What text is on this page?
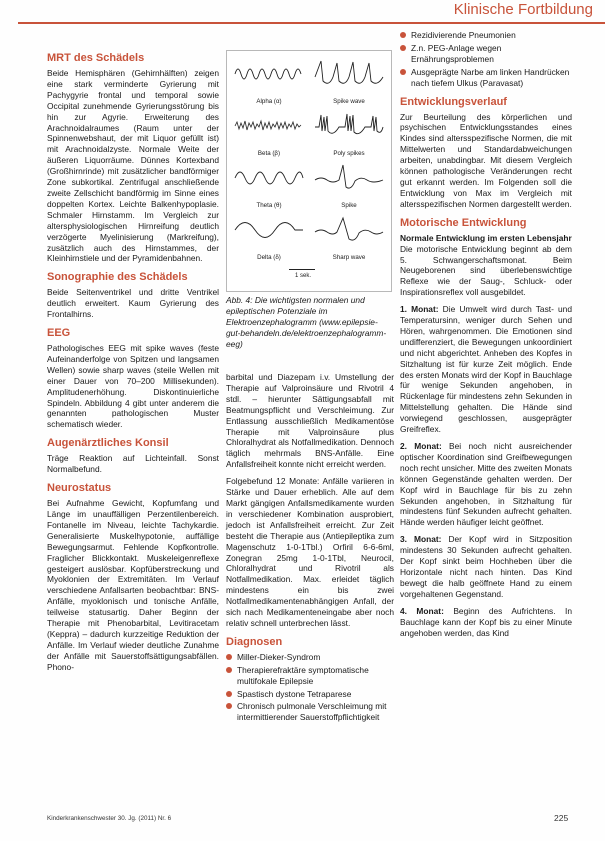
Klinische Fortbildung
MRT des Schädels

Beide Hemisphären (Gehirnhälften) zeigen eine stark verminderte Gyrierung mit Pachygyrie frontal und temporal sowie Occipital zunehmende Gyrierungsstörung bis hin zur Agyrie. Erweiterung des Arachnoidalraumes (Raum unter der Spinnenwebshaut, der mit Liquor gefüllt ist) mit Arachnoidalzyste. Normale Weite der äußeren Liquorräume. Dünnes Kortexband (Großhirnrinde) mit zusätzlicher bandförmiger Zone subkortikal. Zentrifugal anschließende zweite Zellschicht bandförmig im Sinne eines doppelten Kortex. Leichte Balkenhypoplasie. Schmaler Hirnstamm. Im Vergleich zur altersphysiologischen Hirnreifung deutlich verzögerte Myelinisierung (Markreifung), zusätzlich auch des Hirnstammes, der Kleinhirnstiele und der Pyramidenbahnen.

Sonographie des Schädels

Beide Seitenventrikel und dritte Ventrikel deutlich erweitert. Kaum Gyrierung des Frontalhirns.

EEG

Pathologisches EEG mit spike waves (feste Aufeinanderfolge von Spitzen und langsamen Wellen) sowie sharp waves (steile Wellen mit einer Dauer von 70–200 Millisekunden). Amplitudenerhöhung. Diskontinuierliche Spindeln. Abbildung 4 gibt unter anderem die genannten pathologischen Muster schematisch wieder.

Augenärztliches Konsil

Träge Reaktion auf Lichteinfall. Sonst Normalbefund.

Neurostatus

Bei Aufnahme Gewicht, Kopfumfang und Länge im unauffälligen Perzentilenbereich. Fontanelle im Niveau, leichte Tachykardie. Generalisierte Muskelhypotonie, auffällige Bewegungsarmut. Fehlende Kopfkontrolle. Fraglicher Blickkontakt. Muskeleigenreflexe gesteigert auslösbar. Kopfüberstreckung und Myoklonien der Extremitäten. Im Verlauf verschiedene Anfallsarten beobachtbar: BNS-Anfälle, myoklonisch und tonische Anfälle, teilweise statusartig. Daher Beginn der Therapie mit Phenobarbital, Levitiracetam (Keppra) – dadurch kurzzeitige Reduktion der Anfälle. Im Verlauf wieder deutliche Zunahme der Anfälle mit Sauerstoffsättigungsabfällen. Phono-

Alpha (α)	Spike wave
Beta (β)	Poly spikes
Theta (θ)	Spike
Delta (δ)	Sharp wave
1 sek.
Abb. 4: Die wichtigsten normalen und epileptischen Potenziale im Elektroenzephalogramm (www.epilepsie-gut-behandeln.de/elektroenzephalogramm-eeg)

barbital und Diazepam i.v. Umstellung der Therapie auf Valproinsäure und Rivotril 4 stdl. – hierunter Sättigungsabfall mit Beatmungspflicht und Verschleimung. Zur Entlassung ausschließlich Medikamentöse Therapie mit Valproinsäure plus Chloralhydrat als Notfallmedikation. Dennoch täglich mehrmals BNS-Anfälle. Eine Anfallsfreiheit konnte nicht erreicht werden.

Folgebefund 12 Monate: Anfälle variieren in Stärke und Dauer erheblich. Alle auf dem Markt gängigen Anfallsmedikamente wurden in verschiedener Kombination ausprobiert, jedoch ist Anfallsfreiheit erreicht. Zur Zeit besteht die Therapie aus (Antiepileptika zum Magenschutz 1-0-1Tbl.) Orfiril 6-6-6ml, Zonegran 25mg 1-0-1Tbl, Neurocil, Chloralhydrat und Rivotril als Notfallmedikation. Max. erleidet täglich mindestens ein bis zwei Notfallmedikamentenabhängigen Anfall, der sich nach Medikamenteneingabe aber noch relativ schnell unterbrechen lässt.

Diagnosen
Miller-Dieker-Syndrom
Therapierefraktäre symptomatische multifokale Epilepsie
Spastisch dystone Tetraparese
Chronisch pulmonale Verschleimung mit intermittierender Sauerstoffpflichtigkeit
Rezidivierende Pneumonien
Z.n. PEG-Anlage wegen Ernährungsproblemen
Ausgeprägte Narbe am linken Handrücken nach tiefem Ulkus (Paravasat)
Entwicklungsverlauf

Zur Beurteilung des körperlichen und psychischen Entwicklungsstandes eines Kindes sind altersspezifische Normen, die mit Mittelwerten und Standardabweichungen arbeiten, unabdingbar. Mit diesem Vergleich können pathologische Veränderungen recht gut erkannt werden. Im Folgenden soll die Entwicklung von Max im Vergleich mit altersspezifischen Normen dargestellt werden.

Motorische Entwicklung

Normale Entwicklung im ersten Lebensjahr

Die motorische Entwicklung beginnt ab dem 5. Schwangerschaftsmonat. Beim Neugeborenen sind überlebenswichtige Reflexe wie der Saug-, Schluck- oder Inspirationsreflex voll ausgebildet.

1. Monat: Die Umwelt wird durch Tast- und Temperatursinn, weniger durch Sehen und Hören, wahrgenommen. Die Emotionen sind undifferenziert, die Bewegungen unkoordiniert und nicht abgerichtet. Anheben des Kopfes in Sitzhaltung ist für kurze Zeit möglich. Ende des ersten Monats wird der Kopf in Bauchlage für wenige Sekunden angehoben, in Rückenlage für mindestens zehn Sekunden in Mittelstellung gehalten. Die Hände sind vorwiegend geschlossen, ausgeprägter Greifreflex.

2. Monat: Bei noch nicht ausreichender optischer Koordination sind Greifbewegungen noch recht unsicher. Mitte des zweiten Monats können Gegenstände gehalten werden. Der Kopf wird in Bauchlage für bis zu zehn Sekunden angehoben, in Sitzhaltung für mindestens fünf Sekunden aufrecht gehalten. Hände werden häufiger leicht geöffnet.

3. Monat: Der Kopf wird in Sitzposition mindestens 30 Sekunden aufrecht gehalten. Der Kopf sinkt beim Hochheben über die Horizontale nicht nach hinten. Das Kind bewegt die halb geöffnete Hand zu einem vorgehaltenen Gegenstand.

4. Monat: Beginn des Aufrichtens. In Bauchlage kann der Kopf bis zu einer Minute angehoben werden, das Kind

Kinderkrankenschwester 30. Jg. (2011) Nr. 6	225
